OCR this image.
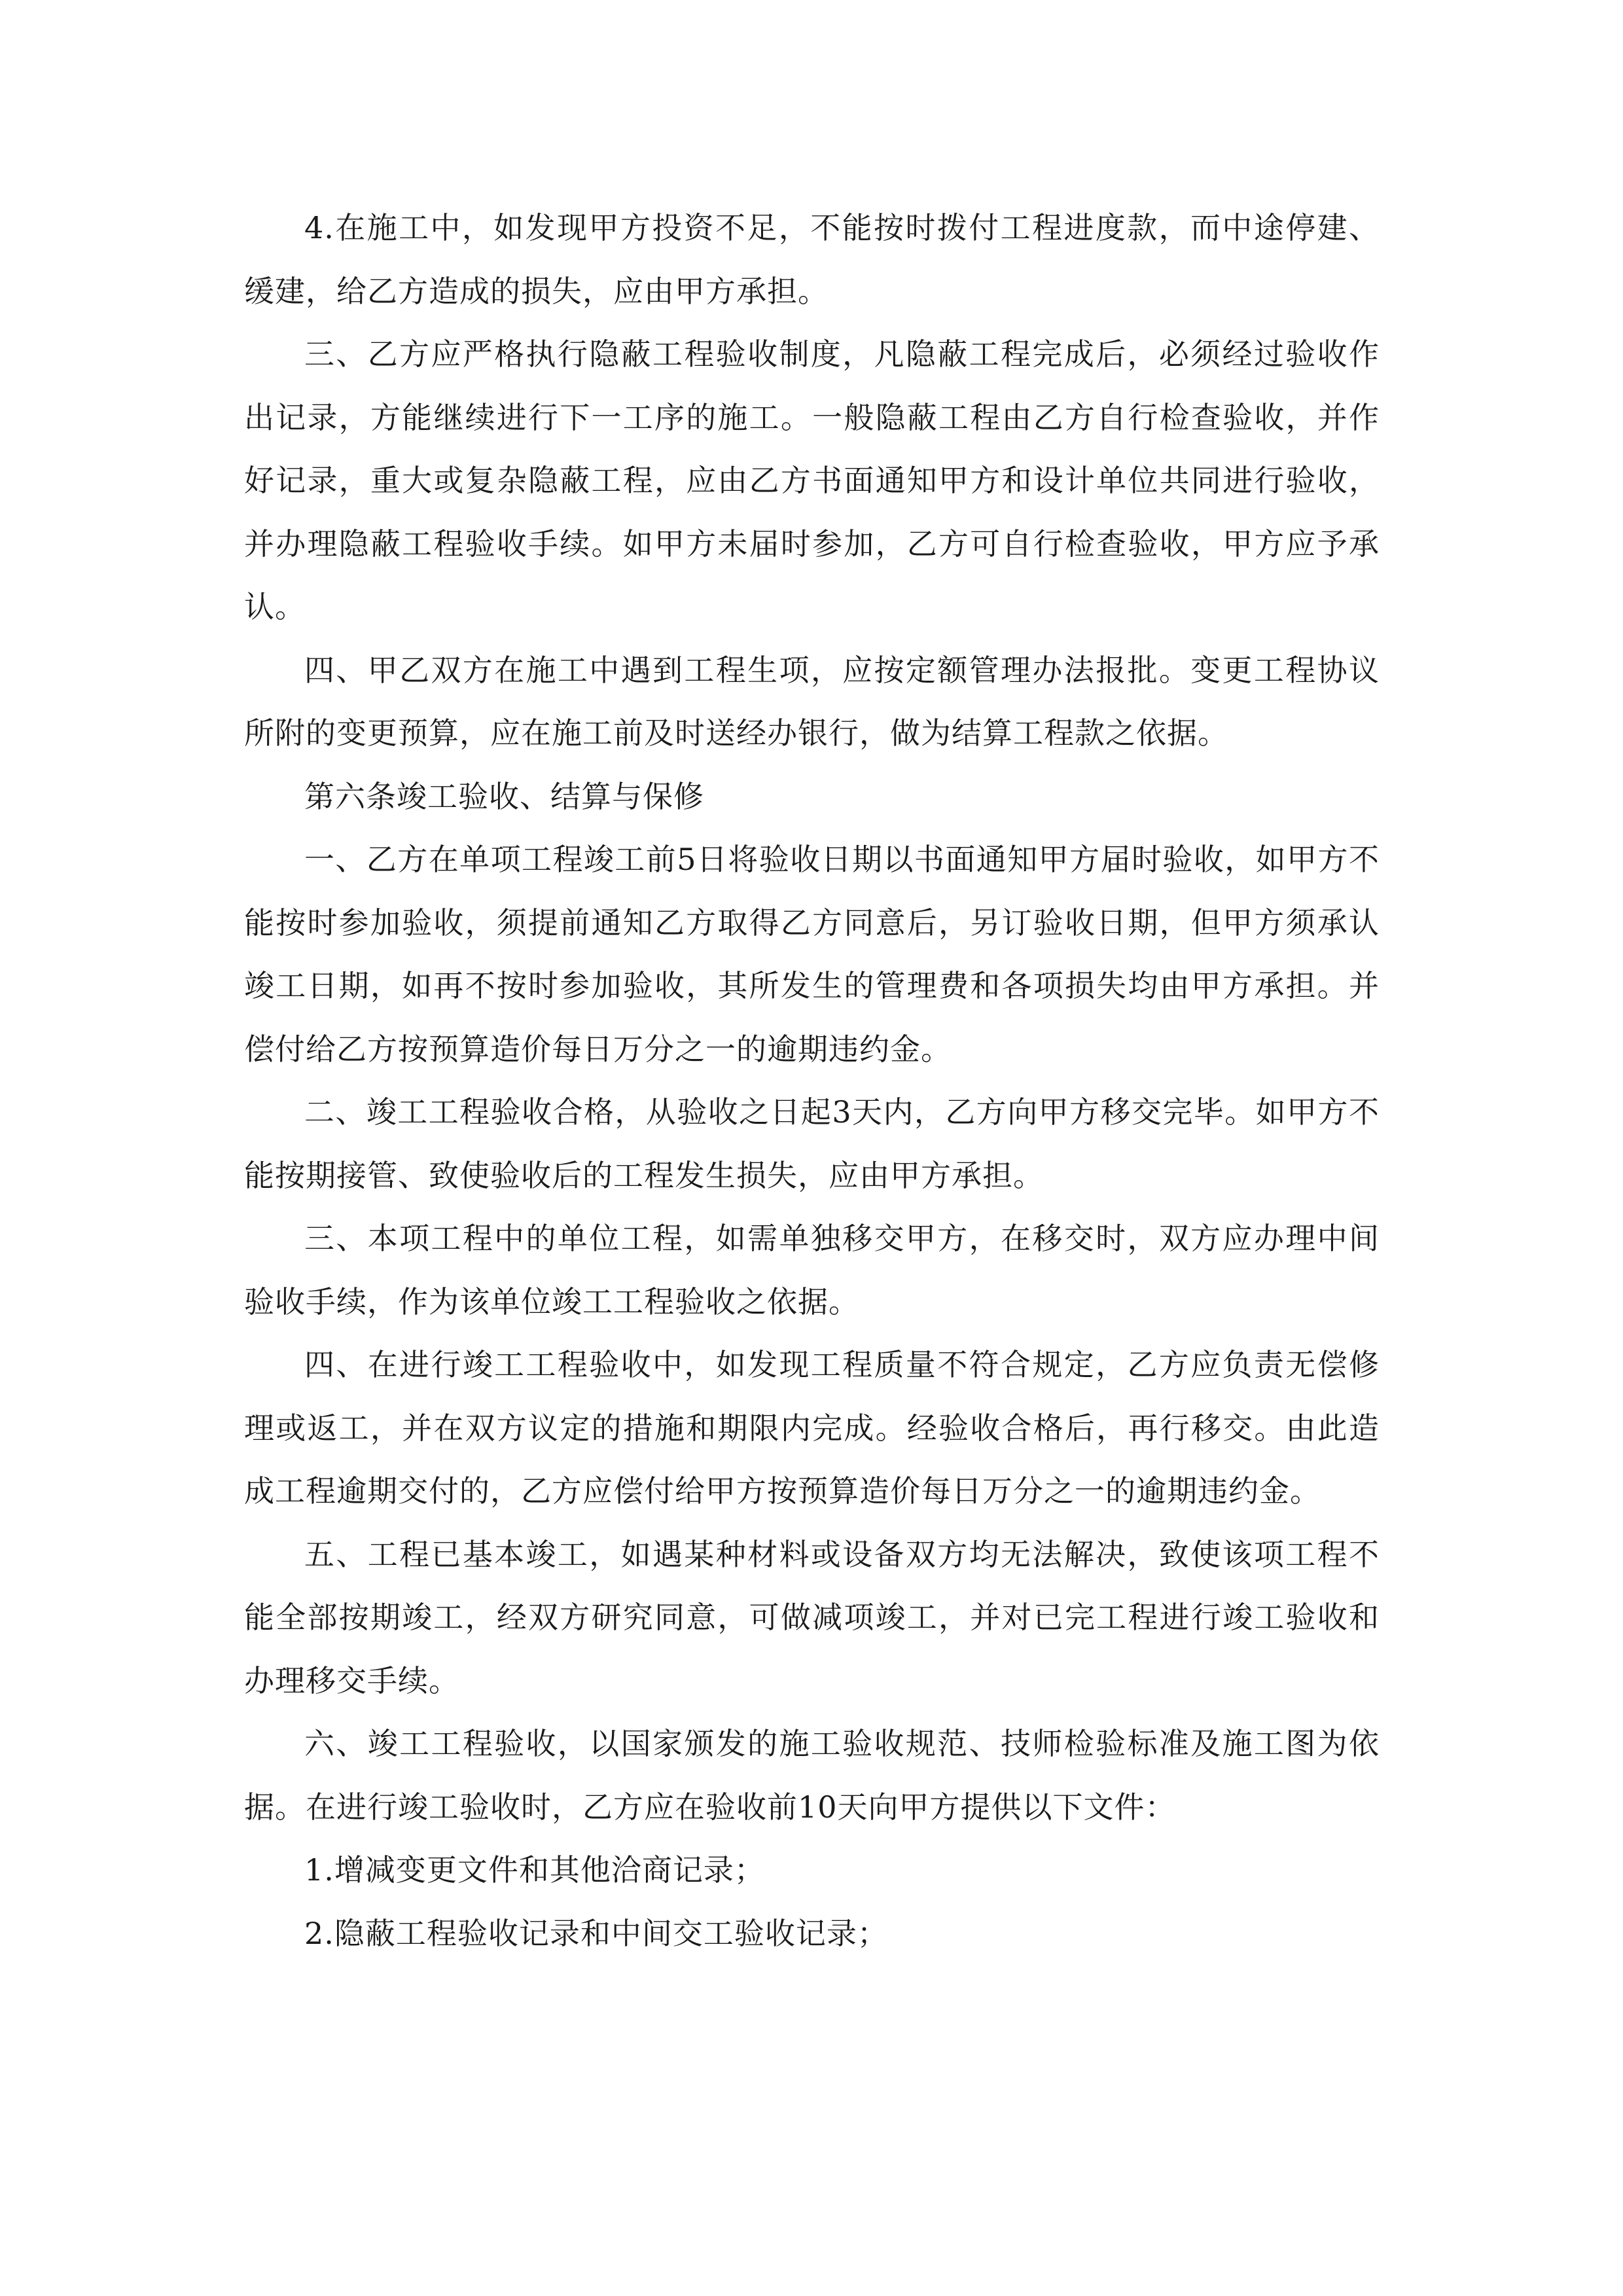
4.在施工中，如发现甲方投资不足，不能按时拨付工程进度款，而中途停建、缓建，给乙方造成的损失，应由甲方承担。

三、乙方应严格执行隐蔽工程验收制度，凡隐蔽工程完成后，必须经过验收作出记录，方能继续进行下一工序的施工。一般隐蔽工程由乙方自行检查验收，并作好记录，重大或复杂隐蔽工程，应由乙方书面通知甲方和设计单位共同进行验收，并办理隐蔽工程验收手续。如甲方未届时参加，乙方可自行检查验收，甲方应予承认。

四、甲乙双方在施工中遇到工程生项，应按定额管理办法报批。变更工程协议所附的变更预算，应在施工前及时送经办银行，做为结算工程款之依据。

第六条竣工验收、结算与保修

一、乙方在单项工程竣工前5日将验收日期以书面通知甲方届时验收，如甲方不能按时参加验收，须提前通知乙方取得乙方同意后，另订验收日期，但甲方须承认竣工日期，如再不按时参加验收，其所发生的管理费和各项损失均由甲方承担。并偿付给乙方按预算造价每日万分之一的逾期违约金。

二、竣工工程验收合格，从验收之日起3天内，乙方向甲方移交完毕。如甲方不能按期接管、致使验收后的工程发生损失，应由甲方承担。

三、本项工程中的单位工程，如需单独移交甲方，在移交时，双方应办理中间验收手续，作为该单位竣工工程验收之依据。

四、在进行竣工工程验收中，如发现工程质量不符合规定，乙方应负责无偿修理或返工，并在双方议定的措施和期限内完成。经验收合格后，再行移交。由此造成工程逾期交付的，乙方应偿付给甲方按预算造价每日万分之一的逾期违约金。

五、工程已基本竣工，如遇某种材料或设备双方均无法解决，致使该项工程不能全部按期竣工，经双方研究同意，可做减项竣工，并对已完工程进行竣工验收和办理移交手续。

六、竣工工程验收，以国家颁发的施工验收规范、技师检验标准及施工图为依据。在进行竣工验收时，乙方应在验收前10天向甲方提供以下文件：

1.增减变更文件和其他洽商记录；

2.隐蔽工程验收记录和中间交工验收记录；
